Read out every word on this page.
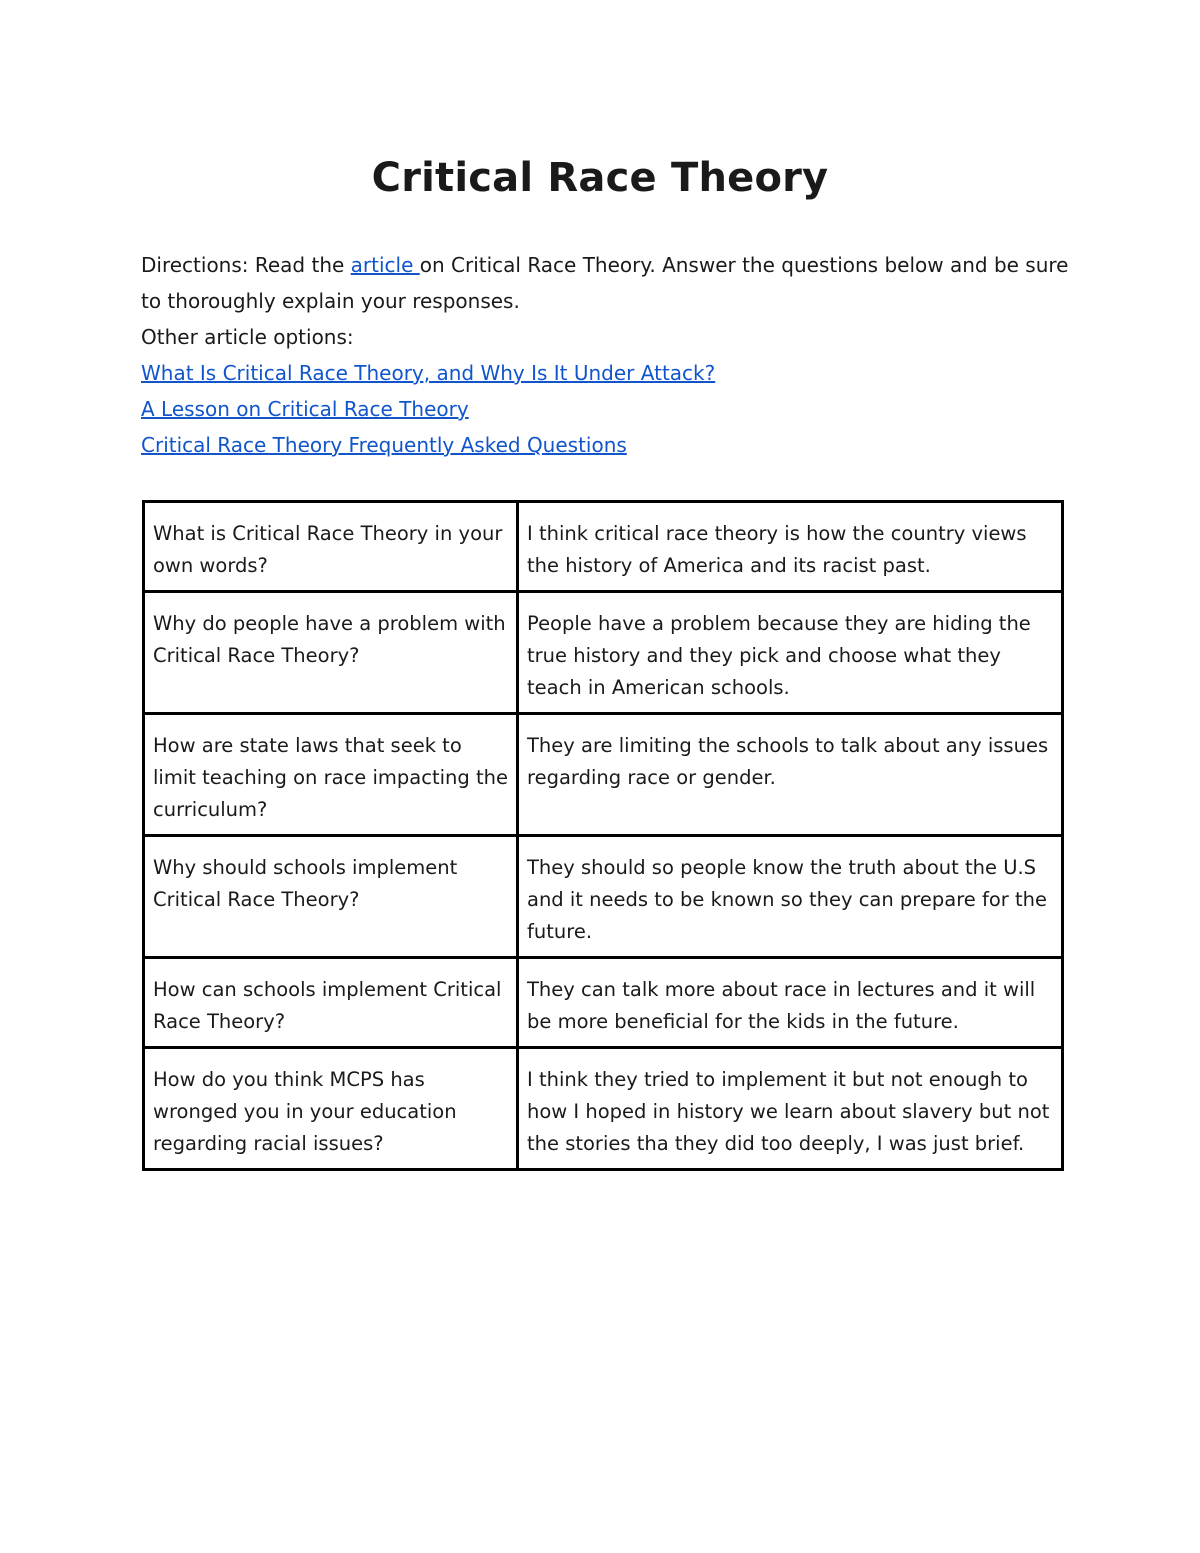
Critical Race Theory

Directions: Read the article on Critical Race Theory. Answer the questions below and be sure to thoroughly explain your responses.

Other article options:

What Is Critical Race Theory, and Why Is It Under Attack?

A Lesson on Critical Race Theory

Critical Race Theory Frequently Asked Questions

What is Critical Race Theory in your own words?	I think critical race theory is how the country views the history of America and its racist past.
Why do people have a problem with Critical Race Theory?	People have a problem because they are hiding the true history and they pick and choose what they teach in American schools.
How are state laws that seek to limit teaching on race impacting the curriculum?	They are limiting the schools to talk about any issues regarding race or gender.
Why should schools implement Critical Race Theory?	They should so people know the truth about the U.S and it needs to be known so they can prepare for the future.
How can schools implement Critical Race Theory?	They can talk more about race in lectures and it will be more beneficial for the kids in the future.
How do you think MCPS has wronged you in your education regarding racial issues?	I think they tried to implement it but not enough to how I hoped in history we learn about slavery but not the stories tha they did too deeply, I was just brief.
